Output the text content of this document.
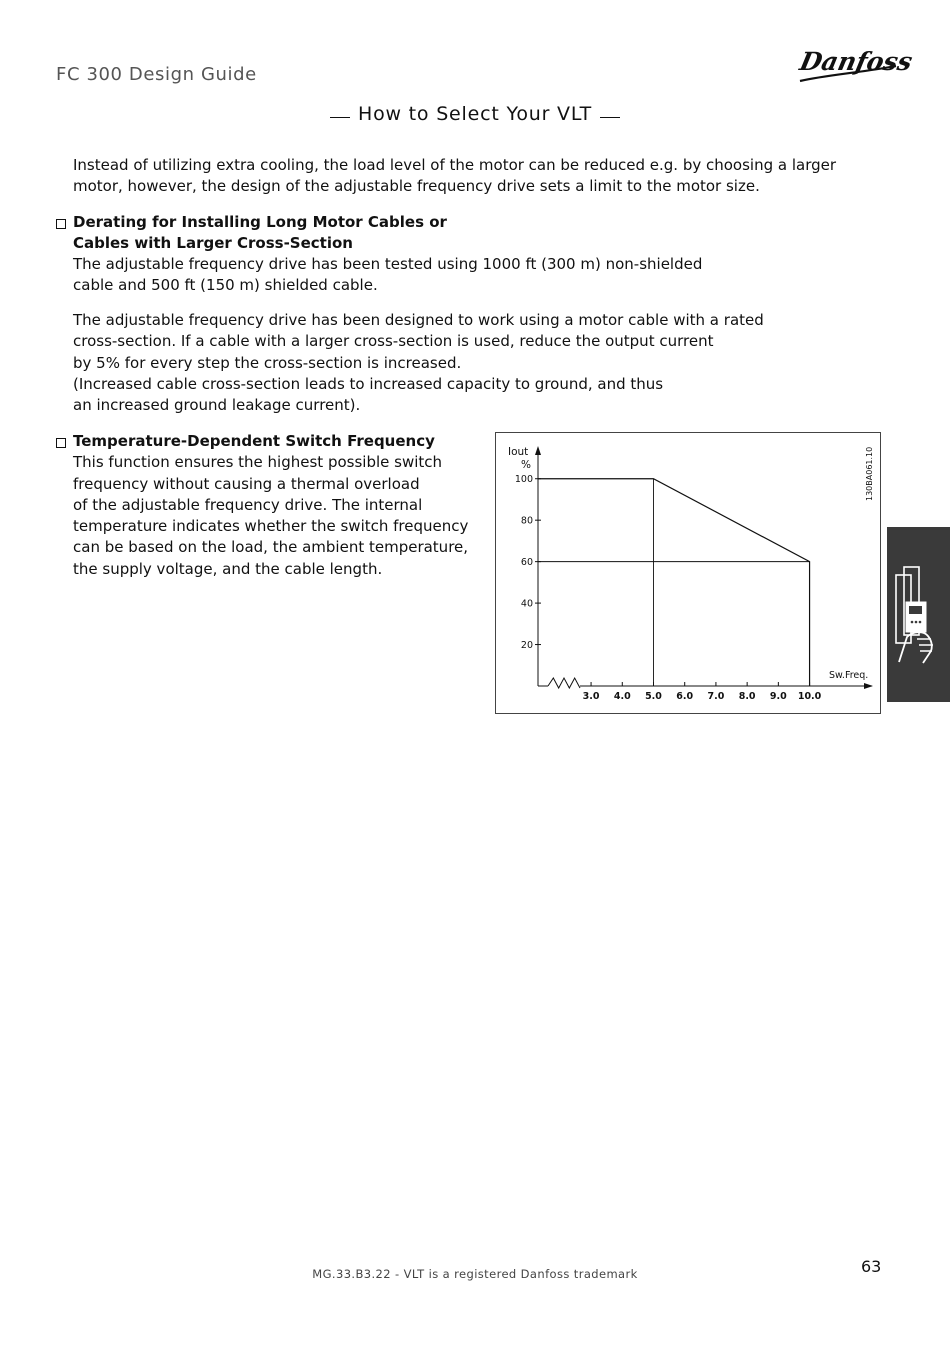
FC 300 Design Guide	Danfoss
How to Select Your VLT
Instead of utilizing extra cooling, the load level of the motor can be reduced e.g. by choosing a larger
motor, however, the design of the adjustable frequency drive sets a limit to the motor size.
Derating for Installing Long Motor Cables or
Cables with Larger Cross-Section
The adjustable frequency drive has been tested using 1000 ft (300 m) non-shielded
cable and 500 ft (150 m) shielded cable.
The adjustable frequency drive has been designed to work using a motor cable with a rated
cross-section. If a cable with a larger cross-section is used, reduce the output current
by 5% for every step the cross-section is increased.
(Increased cable cross-section leads to increased capacity to ground, and thus
an increased ground leakage current).
Temperature-Dependent Switch Frequency
This function ensures the highest possible switch
frequency without causing a thermal overload
of the adjustable frequency drive. The internal
temperature indicates whether the switch frequency
can be based on the load, the ambient temperature,
the supply voltage, and the cable length.
Iout
%
Sw.Freq.
130BA061.10
20
40
60
80
100
3.0 4.0 5.0 6.0 7.0 8.0 9.0 10.0
MG.33.B3.22 - VLT is a registered Danfoss trademark	63
